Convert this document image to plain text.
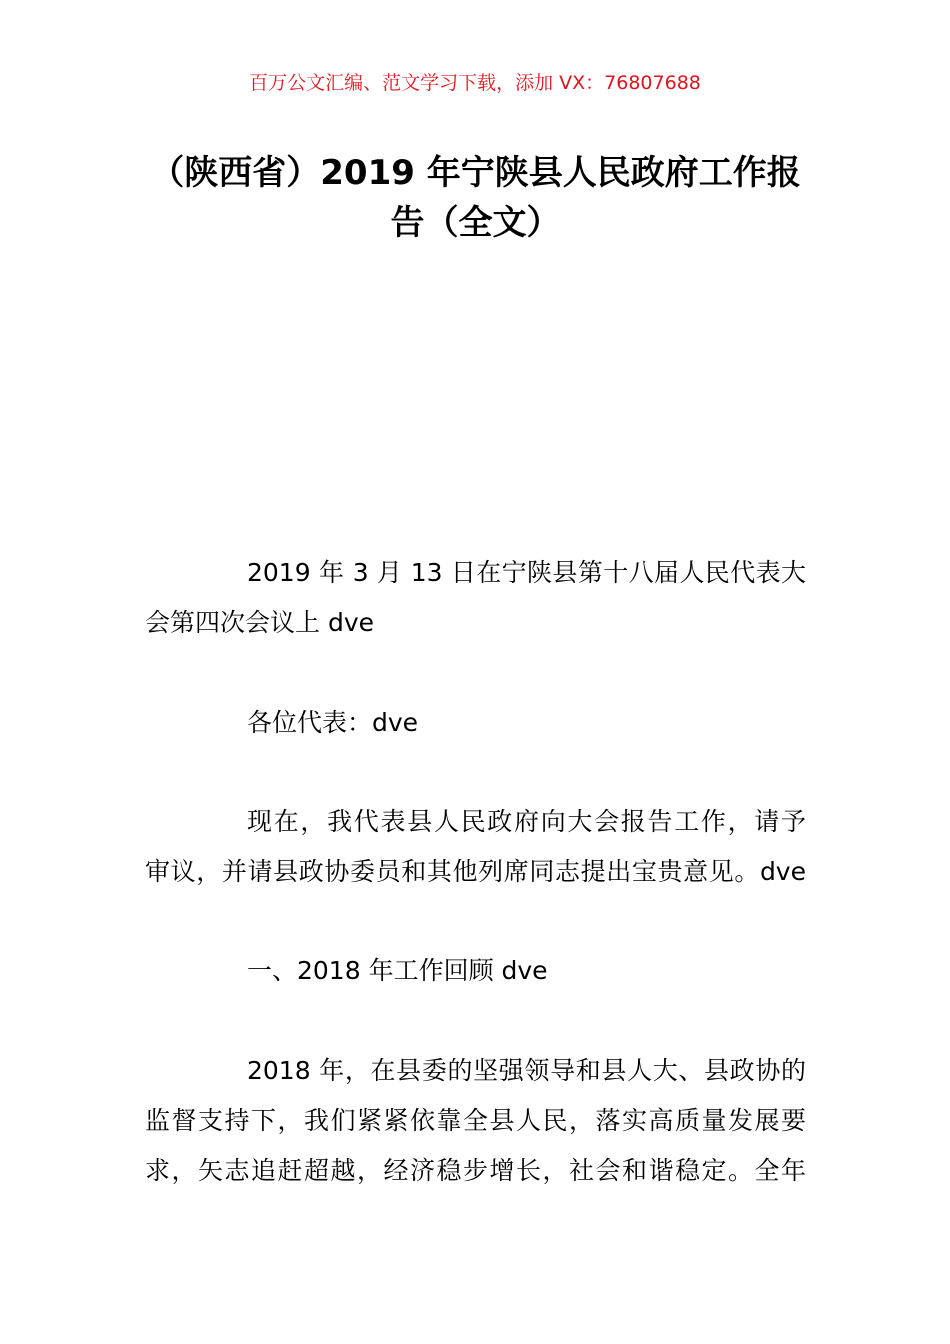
百万公文汇编、范文学习下载，添加 VX：76807688
（陕西省）2019 年宁陕县人民政府工作报
告（全文）
2019 年 3 月 13 日在宁陕县第十八届人民代表大
会第四次会议上 dve
各位代表：dve
现在，我代表县人民政府向大会报告工作，请予
审议，并请县政协委员和其他列席同志提出宝贵意见。dve
一、2018 年工作回顾 dve
2018 年，在县委的坚强领导和县人大、县政协的
监督支持下，我们紧紧依靠全县人民，落实高质量发展要
求，矢志追赶超越，经济稳步增长，社会和谐稳定。全年
